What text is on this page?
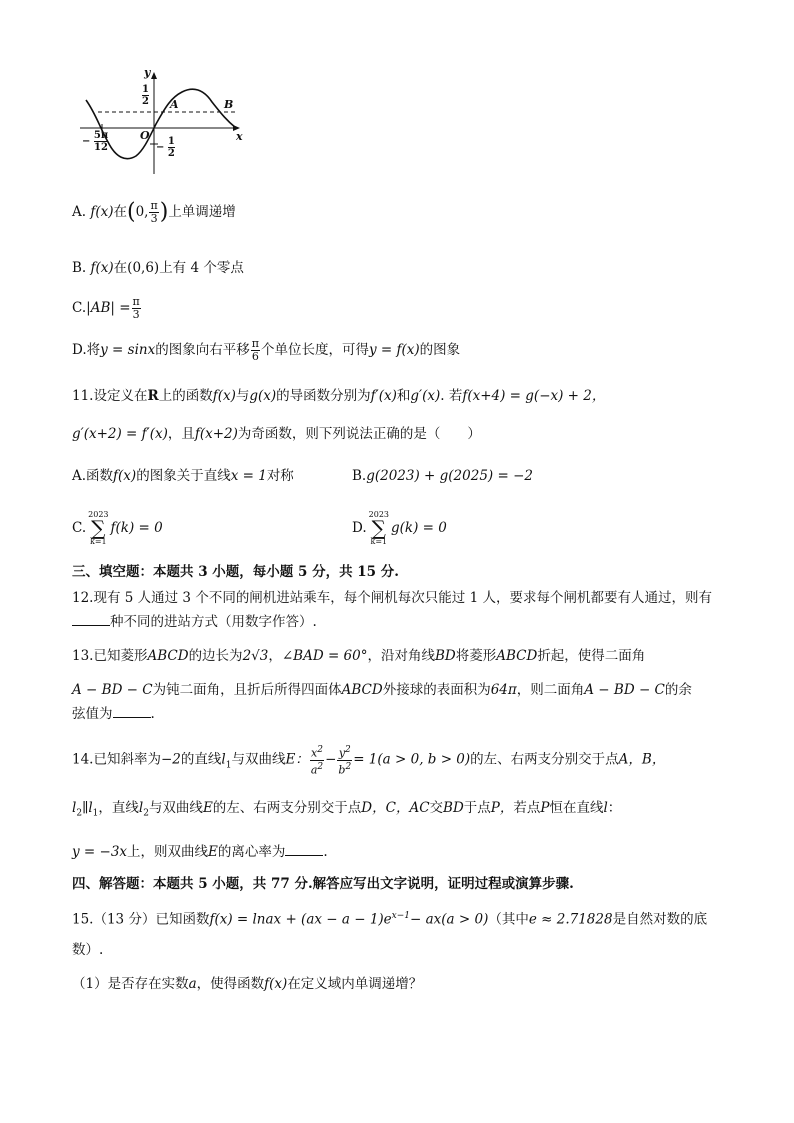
y
x
O
A	B
$\frac{1}{2}$
− $\frac{1}{2}$
− $\frac{5\pi}{12}$
A. f(x)在(0, $\frac{\pi}{3}$ )上单调递增
B. f(x)在(0,6)上有 4 个零点
$C.|AB| = \frac{\pi}{3}$
D.将y = sinx的图象向右平移 $\frac{\pi}{6}$ 个单位长度，可得y = f(x)的图象
11.设定义在R上的函数f(x)与g(x)的导函数分别为f′(x)和g′(x). 若f(x+4) = g(−x) + 2，
g′(x+2) = f′(x)，且f(x+2)为奇函数，则下列说法正确的是（　　）
A.函数f(x)的图象关于直线x = 1对称	B.g(2023) + g(2025) = −2
C.
2023
∑
k=1
f(k) = 0	D.
2023
∑
k=1
g(k) = 0
三、填空题：本题共 3 小题，每小题 5 分，共 15 分.
12.现有 5 人通过 3 个不同的闸机进站乘车，每个闸机每次只能过 1 人，要求每个闸机都要有人通过，则有
种不同的进站方式（用数字作答）.
13.已知菱形ABCD的边长为2√3，∠BAD = 60°，沿对角线BD将菱形ABCD折起，使得二面角
A − BD − C为钝二面角，且折后所得四面体ABCD外接球的表面积为64π，则二面角A − BD − C的余
弦值为	.
14.已知斜率为−2的直线$l_1$与双曲线E： $\frac{x^2}{a^2} - \frac{y^2}{b^2} = 1(a > 0$, b > 0)的左、右两支分别交于点A，B，
$l_2\parallel l_1$，直线$l_2$与双曲线E的左、右两支分别交于点D，C，AC交BD于点P，若点P恒在直线l：
y = −3x上，则双曲线E的离心率为	.
四、解答题：本题共 5 小题，共 77 分.解答应写出文字说明，证明过程或演算步骤.
15.（13 分）已知函数f(x) = lnax + $(ax - a - 1)e^{x-1}- ax(a > 0)$（其中e ≈ 2.71828是自然对数的底
数）.
（1）是否存在实数a，使得函数f(x)在定义域内单调递增？
